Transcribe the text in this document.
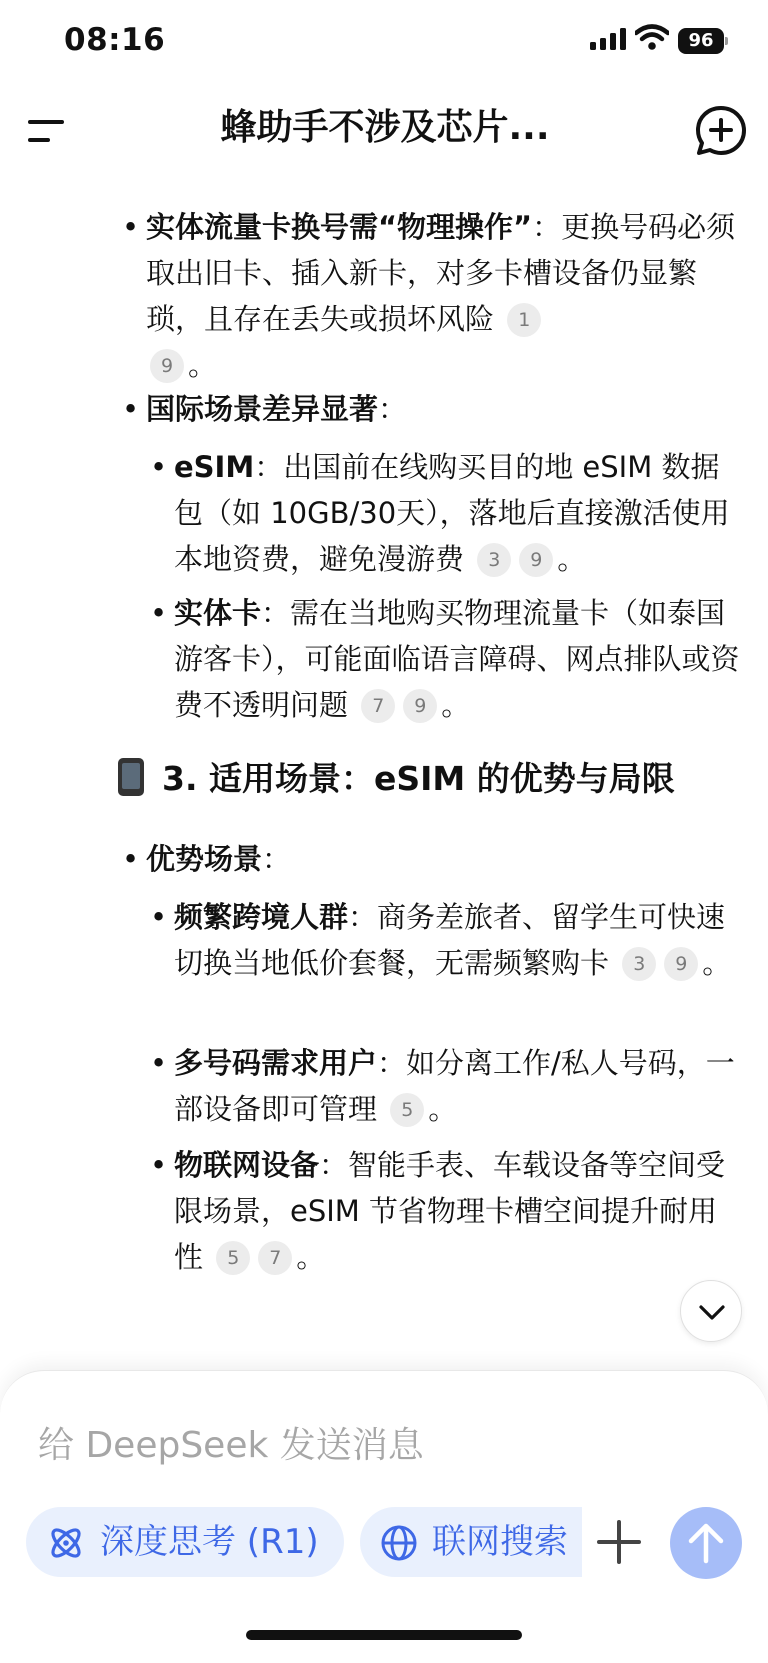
08:16	96
蜂助手不涉及芯片...
• 实体流量卡换号需“物理操作”：更换号码必须取出旧卡、插入新卡，对多卡槽设备仍显繁琐，且存在丢失或损坏风险 1
9 。
• 国际场景差异显著：
• eSIM：出国前在线购买目的地 eSIM 数据包（如 10GB/30天），落地后直接激活使用本地资费，避免漫游费 3 9 。
• 实体卡：需在当地购买物理流量卡（如泰国游客卡），可能面临语言障碍、网点排队或资费不透明问题 7 9 。
3. 适用场景：eSIM 的优势与局限
• 优势场景：
• 频繁跨境人群：商务差旅者、留学生可快速切换当地低价套餐，无需频繁购卡 3 9 。
• 多号码需求用户：如分离工作/私人号码，一部设备即可管理 5 。
• 物联网设备：智能手表、车载设备等空间受限场景，eSIM 节省物理卡槽空间提升耐用性 5 7 。
给 DeepSeek 发送消息
深度思考 (R1)	联网搜索
